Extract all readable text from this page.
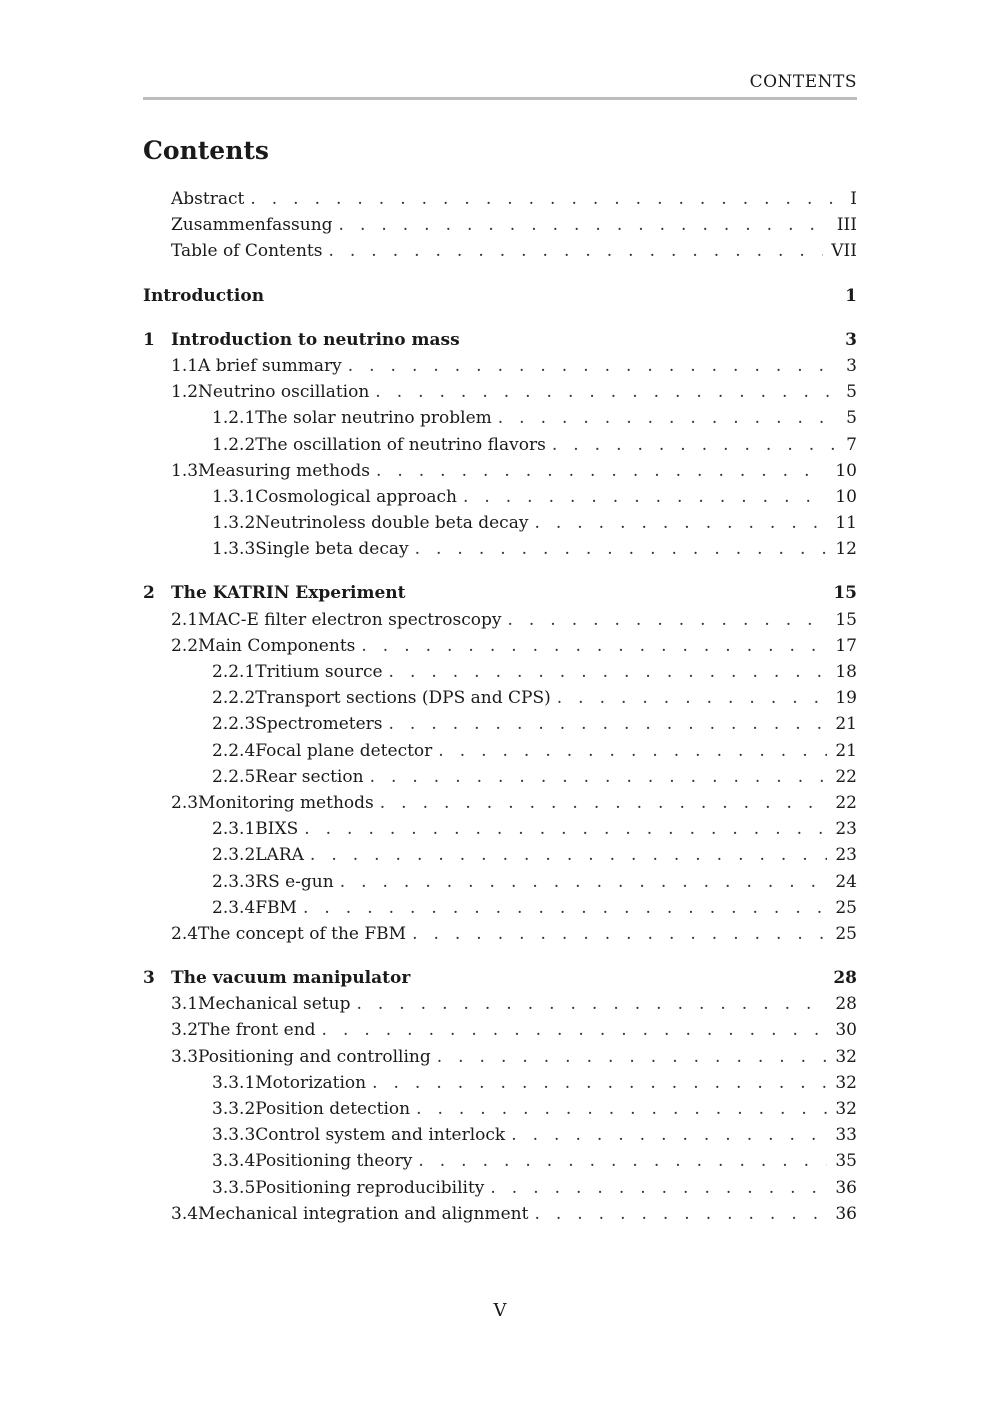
CONTENTS
Contents
Abstract . . .	I
Zusammenfassung . . .	III
Table of Contents . . .	VII
Introduction	1
1 Introduction to neutrino mass	3
1.1 A brief summary . . .	3
1.2 Neutrino oscillation . . .	5
1.2.1 The solar neutrino problem . . .	5
1.2.2 The oscillation of neutrino flavors . . .	7
1.3 Measuring methods . . .	10
1.3.1 Cosmological approach . . .	10
1.3.2 Neutrinoless double beta decay . . .	11
1.3.3 Single beta decay . . .	12
2 The KATRIN Experiment	15
2.1 MAC-E filter electron spectroscopy . . .	15
2.2 Main Components . . .	17
2.2.1 Tritium source . . .	18
2.2.2 Transport sections (DPS and CPS) . . .	19
2.2.3 Spectrometers . . .	21
2.2.4 Focal plane detector . . .	21
2.2.5 Rear section . . .	22
2.3 Monitoring methods . . .	22
2.3.1 BIXS . . .	23
2.3.2 LARA . . .	23
2.3.3 RS e-gun . . .	24
2.3.4 FBM . . .	25
2.4 The concept of the FBM . . .	25
3 The vacuum manipulator	28
3.1 Mechanical setup . . .	28
3.2 The front end . . .	30
3.3 Positioning and controlling . . .	32
3.3.1 Motorization . . .	32
3.3.2 Position detection . . .	32
3.3.3 Control system and interlock . . .	33
3.3.4 Positioning theory . . .	35
3.3.5 Positioning reproducibility . . .	36
3.4 Mechanical integration and alignment . . .	36
V
